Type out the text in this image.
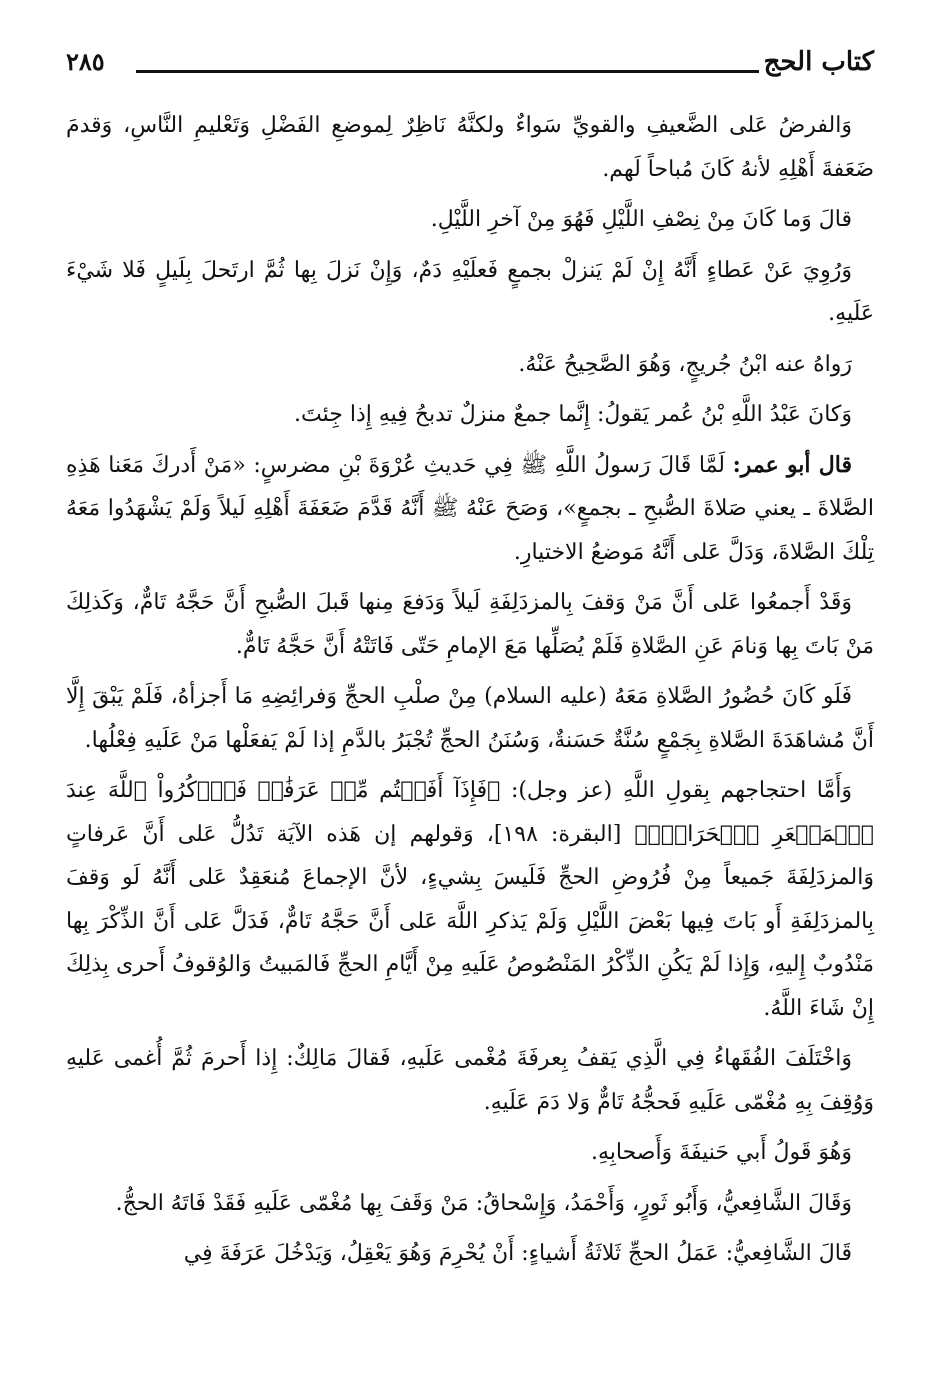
كتاب الحج
٢٨٥

وَالفرضُ عَلى الضَّعيفِ والقويِّ سَواءٌ ولكنَّهُ نَاظِرٌ لِموضعِ الفَضْلِ وَتَعْليمِ النَّاسِ، وَقدمَ ضَعَفةَ أَهْلِهِ لأنهُ كَانَ مُباحاً لَهم.

قالَ وَما كَانَ مِنْ نِصْفِ اللَّيْلِ فَهُوَ مِنْ آخرِ اللَّيْلِ.

وَرُوِيَ عَنْ عَطاءٍ أَنَّهُ إِنْ لَمْ يَنزلْ بجمعٍ فَعلَيْهِ دَمٌ، وَإِنْ نَزلَ بِها ثُمَّ ارتَحلَ بِلَيلٍ فَلا شَيْءَ عَلَيهِ.

رَواهُ عنه ابْنُ جُريجٍ، وَهُوَ الصَّحِيحُ عَنْهُ.

وَكانَ عَبْدُ اللَّهِ بْنُ عُمر يَقولُ: إِنَّما جمعٌ منزلٌ تدبحُ فِيهِ إِذا جِئتَ.

قال أبو عمر: لَمَّا قَالَ رَسولُ اللَّهِ ﷺ فِي حَديثِ عُرْوَةَ بْنِ مضرسٍ: «مَنْ أَدركَ مَعَنا هَذِهِ الصَّلاةَ ـ يعني صَلاةَ الصُّبحِ ـ بجمعٍ»، وَصَحَ عَنْهُ ﷺ أَنَّهُ قَدَّمَ ضَعَفَةَ أَهْلِهِ لَيلاً وَلَمْ يَشْهَدُوا مَعَهُ تِلْكَ الصَّلاةَ، وَدَلَّ عَلى أَنَّهُ مَوضعُ الاختيارِ.

وَقَدْ أَجمعُوا عَلى أَنَّ مَنْ وَقفَ بِالمزدَلِفَةِ لَيلاً وَدَفعَ مِنها قَبلَ الصُّبحِ أَنَّ حَجَّهُ تَامٌّ، وَكَذلِكَ مَنْ بَاتَ بِها وَنامَ عَنِ الصَّلاةِ فَلَمْ يُصَلِّها مَعَ الإمامِ حَتّى فَاتَتْهُ أَنَّ حَجَّهُ تَامٌّ.

فَلَو كَانَ حُضُورُ الصَّلاةِ مَعَهُ (عليه السلام) مِنْ صلْبِ الحجِّ وَفرائِضِهِ مَا أَجزأهُ، فَلَمْ يَبْقَ إِلَّا أَنَّ مُشاهَدَةَ الصَّلاةِ بِجَمْعٍ سُنَّةٌ حَسَنةٌ، وَسُنَنُ الحجِّ تُجْبَرُ بالدَّمِ إذا لَمْ يَفعَلْها مَنْ عَلَيهِ فِعْلُها.

وَأَمَّا احتجاجهم بِقولِ اللَّهِ (عز وجل): ﴿فَإِذَآ أَفَضۡتُم مِّنۡ عَرَفَٰتٖ فَٱذۡكُرُواْ ٱللَّهَ عِندَ ٱلۡمَشۡعَرِ ٱلۡحَرَامِۖ﴾ [البقرة: ١٩٨]، وَقولهم إن هَذه الآيَة تَدُلُّ عَلى أَنَّ عَرفاتٍ وَالمزدَلِفَةَ جَميعاً مِنْ فُرُوضِ الحجِّ فَلَيسَ بِشيءٍ، لأنَّ الإجماعَ مُنعَقِدٌ عَلى أَنَّهُ لَو وَقفَ بِالمزدَلِفَةِ أَو بَاتَ فِيها بَعْضَ اللَّيْلِ وَلَمْ يَذكرِ اللَّهَ عَلى أَنَّ حَجَّهُ تَامٌّ، فَدَلَّ عَلى أَنَّ الذِّكْرَ بِها مَنْدُوبٌ إِليهِ، وَإِذا لَمْ يَكُنِ الذِّكْرُ المَنْصُوصُ عَلَيهِ مِنْ أَيَّامِ الحجِّ فَالمَبيتُ وَالوُقوفُ أَحرى بِذلِكَ إِنْ شَاءَ اللَّهُ.

وَاخْتَلَفَ الفُقَهاءُ فِي الَّذِي يَقفُ بِعرفَةَ مُغْمى عَلَيهِ، فَقالَ مَالِكٌ: إِذا أَحرمَ ثُمَّ أُغمى عَليهِ وَوُقِفَ بِهِ مُغْمّى عَلَيهِ فَحجُّهُ تَامٌّ وَلا دَمَ عَلَيهِ.

وَهُوَ قَولُ أَبي حَنيفَةَ وَأَصحابِهِ.

وَقَالَ الشَّافِعيُّ، وَأَبُو ثَورٍ، وَأَحْمَدُ، وَإِسْحاقُ: مَنْ وَقَفَ بِها مُغْمّى عَلَيهِ فَقَدْ فَاتَهُ الحجُّ.

قَالَ الشَّافِعيُّ: عَمَلُ الحجِّ ثَلاثَةُ أَشياءٍ: أَنْ يُحْرِمَ وَهُوَ يَعْقِلُ، وَيَدْخُلَ عَرَفَةَ فِي
